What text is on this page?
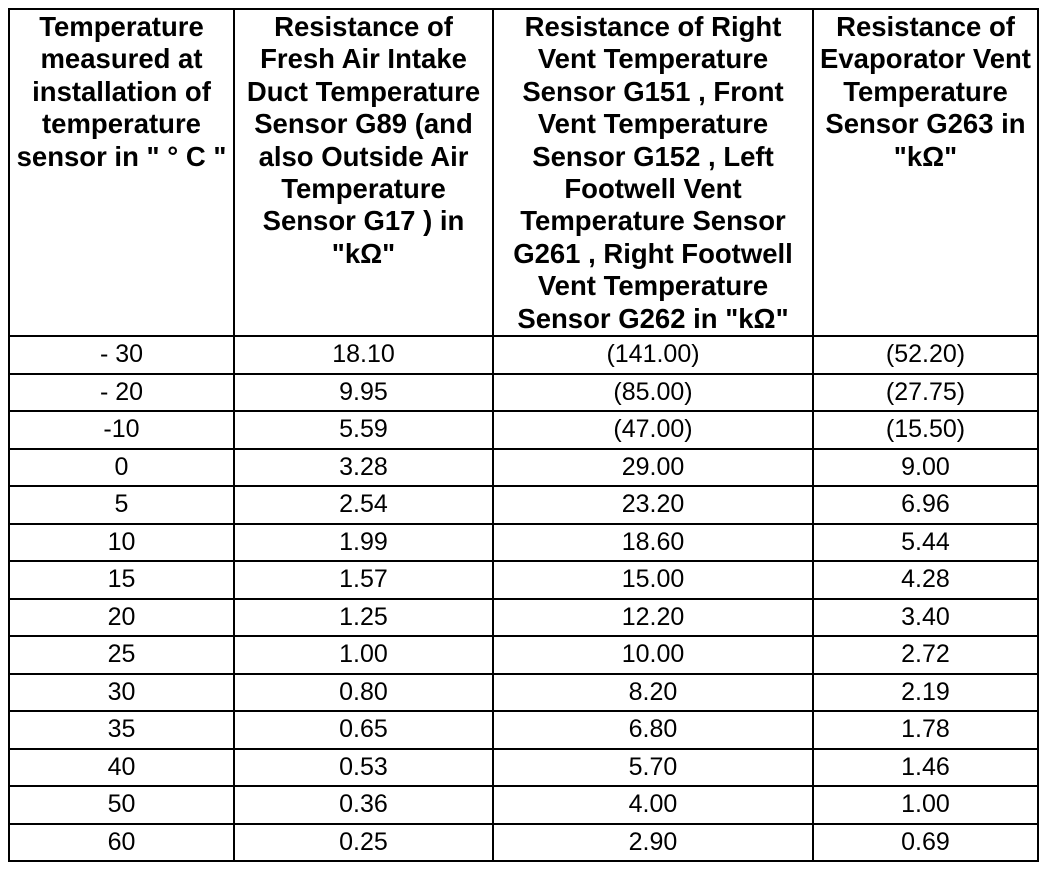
Temperature measured at installation of temperature sensor in " ° C "	Resistance of Fresh Air Intake Duct Temperature Sensor G89 (and also Outside Air Temperature Sensor G17 ) in "kΩ"	Resistance of Right Vent Temperature Sensor G151 , Front Vent Temperature Sensor G152 , Left Footwell Vent Temperature Sensor G261 , Right Footwell Vent Temperature Sensor G262 in "kΩ"	Resistance of Evaporator Vent Temperature Sensor G263 in "kΩ"
- 30	18.10	(141.00)	(52.20)
- 20	9.95	(85.00)	(27.75)
-10	5.59	(47.00)	(15.50)
0	3.28	29.00	9.00
5	2.54	23.20	6.96
10	1.99	18.60	5.44
15	1.57	15.00	4.28
20	1.25	12.20	3.40
25	1.00	10.00	2.72
30	0.80	8.20	2.19
35	0.65	6.80	1.78
40	0.53	5.70	1.46
50	0.36	4.00	1.00
60	0.25	2.90	0.69
